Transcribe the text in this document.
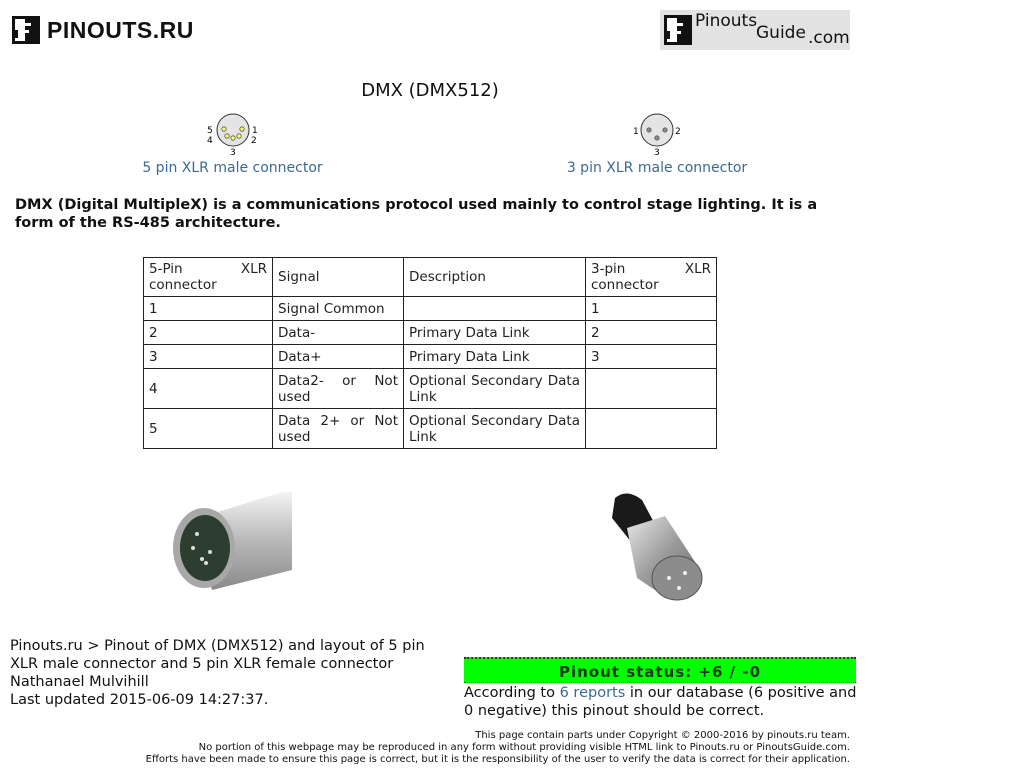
PINOUTS.RU	Pinouts
Guide .com
DMX (DMX512)
5
4
1
2
3
5 pin XLR male connector
1	2
3
3 pin XLR male connector
DMX (Digital MultipleX) is a communications protocol used mainly to control stage lighting. It is a form of the RS-485 architecture.
5-Pin XLR connector	Signal	Description	3-pin XLR connector
1	Signal Common		1
2	Data-	Primary Data Link	2
3	Data+	Primary Data Link	3
4	Data2- or Not used	Optional Secondary Data Link	
5	Data 2+ or Not used	Optional Secondary Data Link	
Pinouts.ru > Pinout of DMX (DMX512) and layout of 5 pin XLR male connector and 5 pin XLR female connector
Nathanael Mulvihill
Last updated 2015-06-09 14:27:37.
Pinout status: +6 / -0
According to 6 reports in our database (6 positive and 0 negative) this pinout should be correct.
This page contain parts under Copyright © 2000-2016 by pinouts.ru team.
No portion of this webpage may be reproduced in any form without providing visible HTML link to Pinouts.ru or PinoutsGuide.com.
Efforts have been made to ensure this page is correct, but it is the responsibility of the user to verify the data is correct for their application.
